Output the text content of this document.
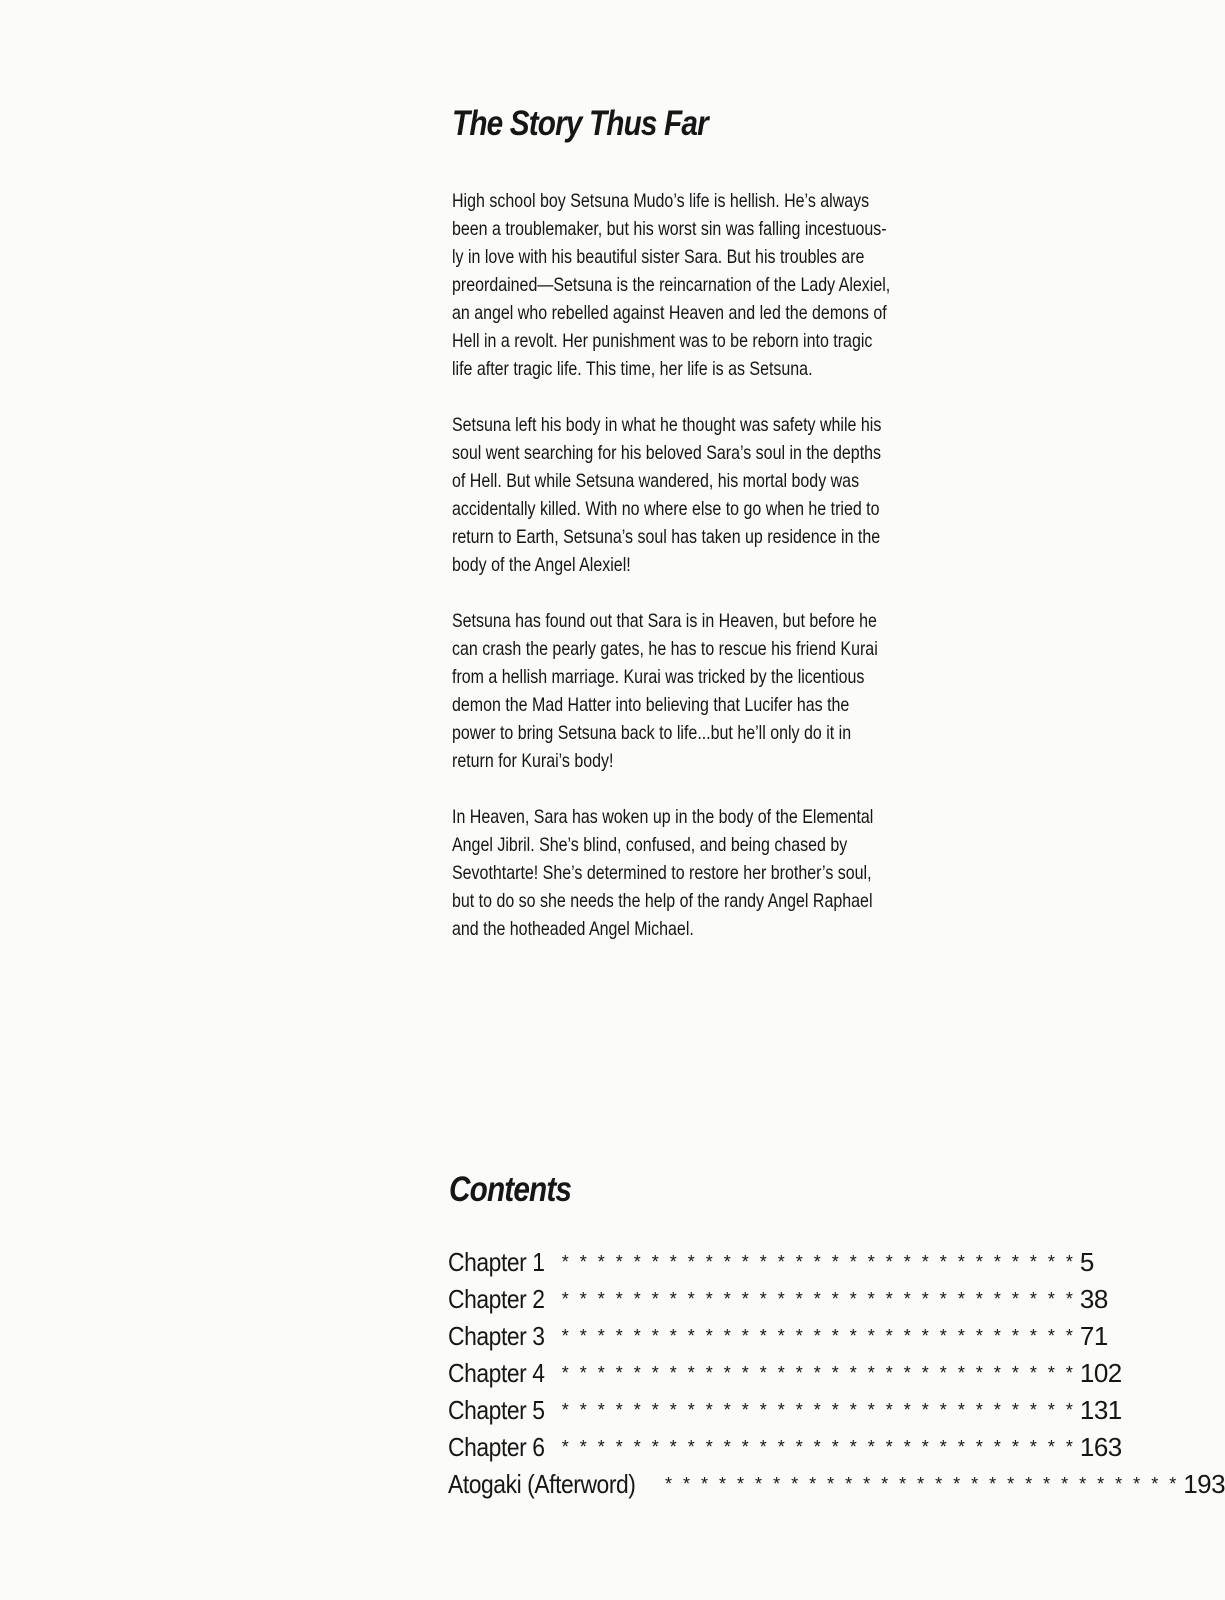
The Story Thus Far
High school boy Setsuna Mudo’s life is hellish. He’s always
been a troublemaker, but his worst sin was falling incestuous-
ly in love with his beautiful sister Sara. But his troubles are
preordained—Setsuna is the reincarnation of the Lady Alexiel,
an angel who rebelled against Heaven and led the demons of
Hell in a revolt. Her punishment was to be reborn into tragic
life after tragic life. This time, her life is as Setsuna.
Setsuna left his body in what he thought was safety while his
soul went searching for his beloved Sara’s soul in the depths
of Hell. But while Setsuna wandered, his mortal body was
accidentally killed. With no where else to go when he tried to
return to Earth, Setsuna’s soul has taken up residence in the
body of the Angel Alexiel!
Setsuna has found out that Sara is in Heaven, but before he
can crash the pearly gates, he has to rescue his friend Kurai
from a hellish marriage. Kurai was tricked by the licentious
demon the Mad Hatter into believing that Lucifer has the
power to bring Setsuna back to life...but he’ll only do it in
return for Kurai’s body!
In Heaven, Sara has woken up in the body of the Elemental
Angel Jibril. She’s blind, confused, and being chased by
Sevothtarte! She’s determined to restore her brother’s soul,
but to do so she needs the help of the randy Angel Raphael
and the hotheaded Angel Michael.
Contents
Chapter 1 * * * * * * * * * * * * * * * * * * * * * * * * * * * * * 5
Chapter 2 * * * * * * * * * * * * * * * * * * * * * * * * * * * * * 38
Chapter 3 * * * * * * * * * * * * * * * * * * * * * * * * * * * * * 71
Chapter 4 * * * * * * * * * * * * * * * * * * * * * * * * * * * * * 102
Chapter 5 * * * * * * * * * * * * * * * * * * * * * * * * * * * * * 131
Chapter 6 * * * * * * * * * * * * * * * * * * * * * * * * * * * * * 163
Atogaki (Afterword) * * * * * * * * * * * * * * * * * * * * * * * * * * * * * 193
